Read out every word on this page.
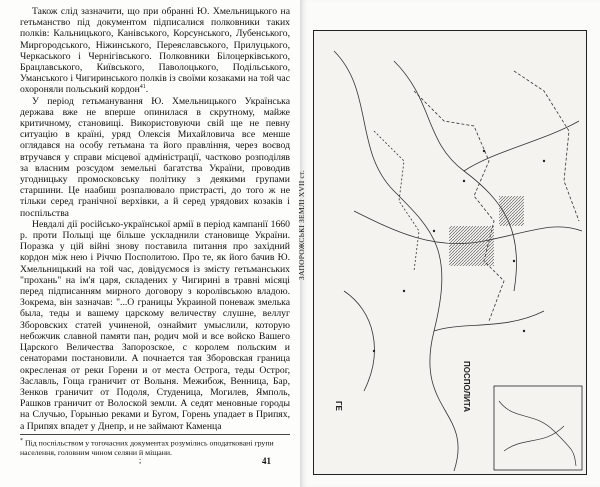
Також слід зазначити, що при обранні Ю. Хмельницького на гетьманство під документом підписалися полковники таких полків: Кальницького, Канівського, Корсунського, Лубенського, Миргородського, Ніжинського, Переяславського, Прилуцького, Черкаського і Чернігівського. Полковники Білоцерківського, Брацлавського, Київського, Паволоцького, Подільського, Уманського і Чигиринського полків із своїми козаками на той час охороняли польський кордон$^{41}$.

У період гетьманування Ю. Хмельницького Українська держава вже не вперше опинилася в скрутному, майже критичному, становищі. Використовуючи свій ще не певну ситуацію в країні, уряд Олексія Михайловича все менше оглядався на особу гетьмана та його правління, через воєвод втручався у справи місцевої адміністрації, частково розподіляв за власним розсудом земельні багатства України, проводив угодницьку промосковську політику з деякими групами старшини. Це наабиш розпалювало пристрасті, до того ж не тільки серед гранічної верхівки, а й серед урядових козаків і поспільства

Невдалі дії російсько-української армії в період кампанії 1660 р. проти Польщі ще більше ускладнили становище України. Поразка у цій війні знову поставила питання про західний кордон між нею і Річчю Посполитою. Про те, як його бачив Ю. Хмельницький на той час, довідуємося із змісту гетьманських "прохань" на ім'я царя, складених у Чигирині в травні місяці перед підписанням мирного договору з королівською владою. Зокрема, він зазначав: "...О границы Украиной поневаж змелька была, теды и вашему царскому величеству слушне, веллуг Зборовских статей учиненой, ознаймит умыслили, которую небожчик славной памяти пан, родич мой и все войско Вашего Царского Величества Запорозское, с королем польским и сенаторами постановили. А почнается тая Зборовская граница окресленая от реки Горени и от места Острога, теды Острог, Заславль, Гоща граничит от Волыня. Межибож, Венница, Бар, Зенков граничит от Подоля, Студеница, Могилев, Ямполь, Рашков граничит от Волоской земли. А седят меновные городы на Случью, Горынью реками и Бугом, Горень упадает в Припях, а Припях впадет у Днепр, и не займают Каменца

* Під поспільством у тогочасних документах розумілись оподатковані групи населення, головним чином селяни й міщани.
;	41
ПОСПОЛИТА
ГЕ
ЗАПОРОЖСЬКІ ЗЕМЛІ XVII ст.
